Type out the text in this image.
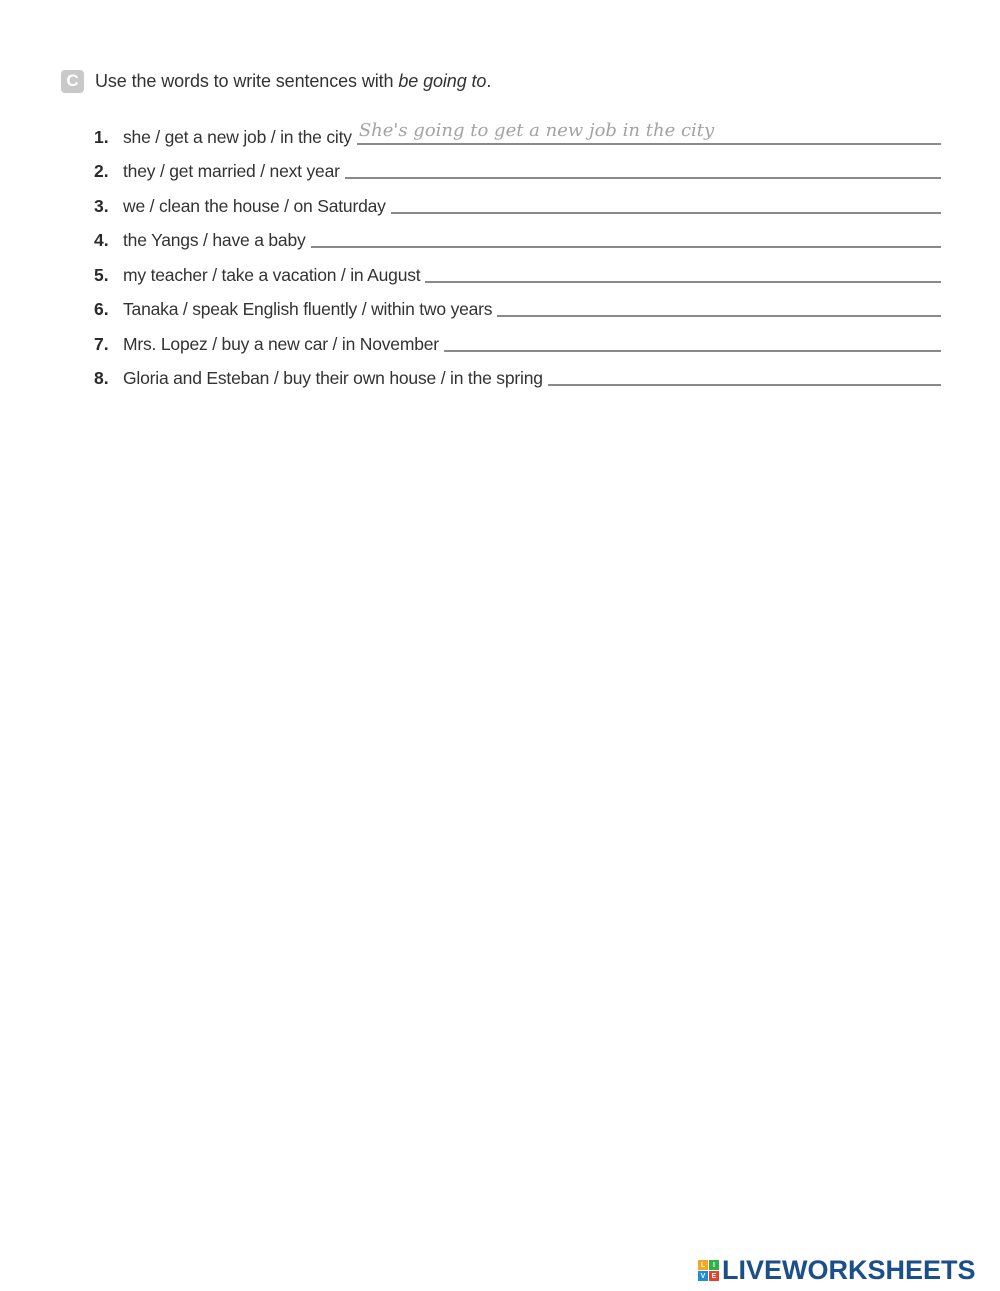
C Use the words to write sentences with be going to.
1. she / get a new job / in the city
She's going to get a new job in the city
2. they / get married / next year
3. we / clean the house / on Saturday
4. the Yangs / have a baby
5. my teacher / take a vacation / in August
6. Tanaka / speak English fluently / within two years
7. Mrs. Lopez / buy a new car / in November
8. Gloria and Esteban / buy their own house / in the spring
L	I
V E LIVEWORKSHEETS
